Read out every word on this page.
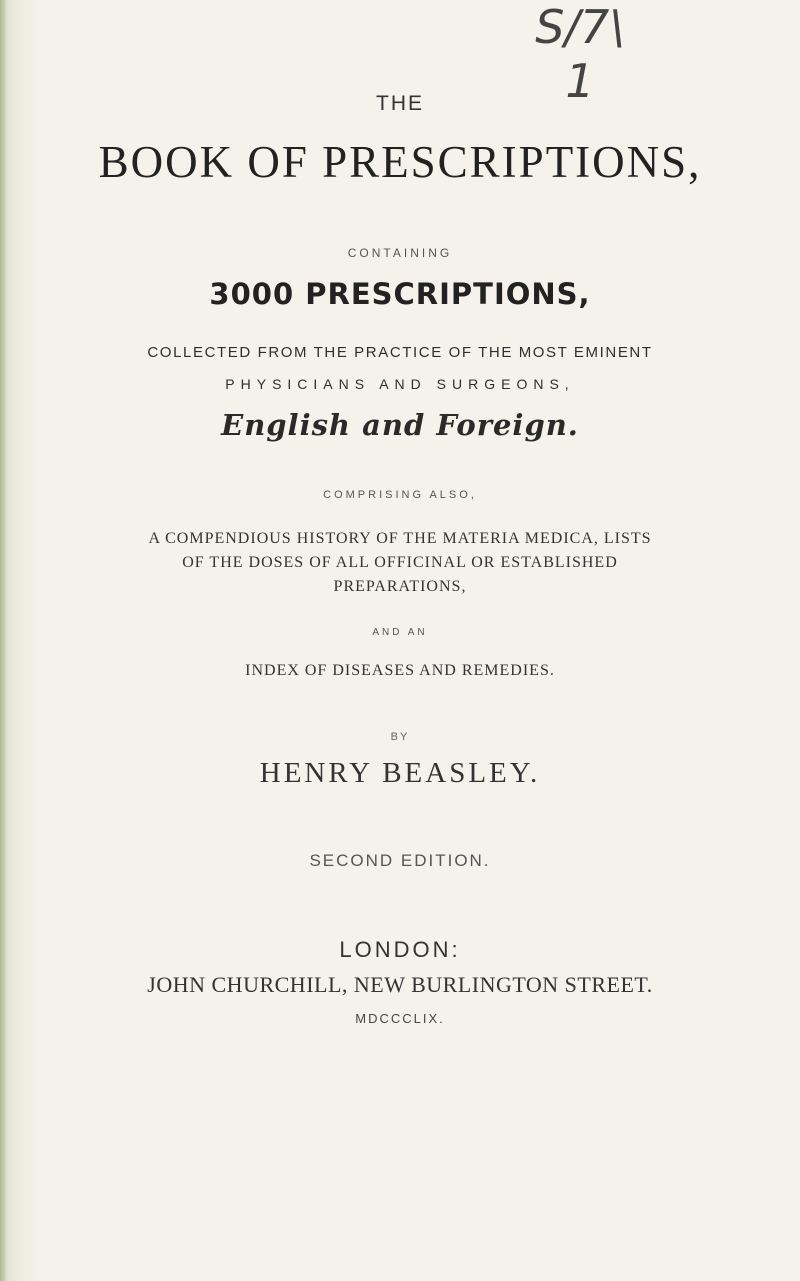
S/7\ 1
THE
BOOK OF PRESCRIPTIONS,
CONTAINING
3000 PRESCRIPTIONS,
COLLECTED FROM THE PRACTICE OF THE MOST EMINENT
PHYSICIANS AND SURGEONS,
English and Foreign.
COMPRISING ALSO,
A COMPENDIOUS HISTORY OF THE MATERIA MEDICA, LISTS
OF THE DOSES OF ALL OFFICINAL OR ESTABLISHED
PREPARATIONS,
AND AN
INDEX OF DISEASES AND REMEDIES.
BY
HENRY BEASLEY.
SECOND EDITION.
LONDON:
JOHN CHURCHILL, NEW BURLINGTON STREET.
MDCCCLIX.
